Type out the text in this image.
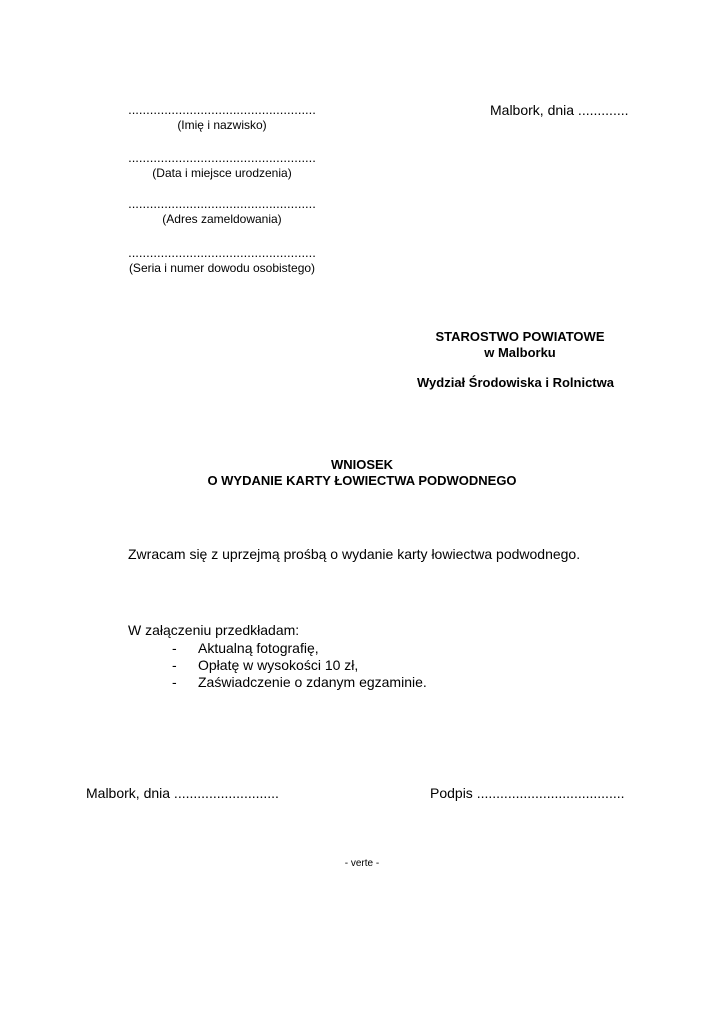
Malbork, dnia .............
....................................................
(Imię i nazwisko)
....................................................
(Data i miejsce urodzenia)
....................................................
(Adres zameldowania)
....................................................
(Seria i numer dowodu osobistego)
STAROSTWO POWIATOWE
w Malborku
Wydział Środowiska i Rolnictwa
WNIOSEK
O WYDANIE KARTY ŁOWIECTWA PODWODNEGO
Zwracam się z uprzejmą prośbą o wydanie karty łowiectwa podwodnego.
W załączeniu przedkładam:
- Aktualną fotografię,
- Opłatę w wysokości 10 zł,
- Zaświadczenie o zdanym egzaminie.
Malbork, dnia ...........................	Podpis ......................................
- verte -
